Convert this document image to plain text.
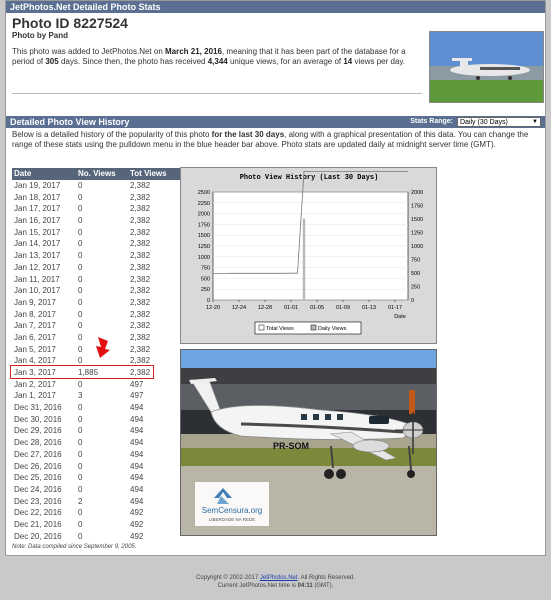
JetPhotos.Net Detailed Photo Stats
Photo ID 8227524
Photo by Pand
This photo was added to JetPhotos.Net on March 21, 2016, meaning that it has been part of the database for a period of 305 days. Since then, the photo has received 4,344 unique views, for an average of 14 views per day.
Detailed Photo View History	Stats Range:	Daily (30 Days)	▼
Below is a detailed history of the popularity of this photo for the last 30 days, along with a graphical presentation of this data. You can change the range of these stats using the pulldown menu in the blue header bar above. Photo stats are updated daily at midnight server time (GMT).
Date	No. Views	Tot Views
Jan 19, 2017	0	2,382
Jan 18, 2017	0	2,382
Jan 17, 2017	0	2,382
Jan 16, 2017	0	2,382
Jan 15, 2017	0	2,382
Jan 14, 2017	0	2,382
Jan 13, 2017	0	2,382
Jan 12, 2017	0	2,382
Jan 11, 2017	0	2,382
Jan 10, 2017	0	2,382
Jan 9, 2017	0	2,382
Jan 8, 2017	0	2,382
Jan 7, 2017	0	2,382
Jan 6, 2017	0	2,382
Jan 5, 2017	0	2,382
Jan 4, 2017	0	2,382
Jan 3, 2017	1,885	2,382
Jan 2, 2017	0	497
Jan 1, 2017	3	497
Dec 31, 2016	0	494
Dec 30, 2016	0	494
Dec 29, 2016	0	494
Dec 28, 2016	0	494
Dec 27, 2016	0	494
Dec 26, 2016	0	494
Dec 25, 2016	0	494
Dec 24, 2016	0	494
Dec 23, 2016	2	494
Dec 22, 2016	0	492
Dec 21, 2016	0	492
Dec 20, 2016	0	492
Note: Data compiled since September 9, 2005.
Photo View History (Last 30 Days)
0
250
500
750
1000
1250
1500
1750
2000
2250
2500
0
250
500
750
1000
1250
1500
1750
2000
12-20 12-24 12-28 01-01 01-05 01-09 01-13 01-17
Date
Total Views	Daily Views
PR-SOM
SemCensura.org
LIBERDADE NA REDE
Copyright © 2002-2017 JetPhotos.Net. All Rights Reserved.
Current JetPhotos.Net time is 04:11 (GMT).
